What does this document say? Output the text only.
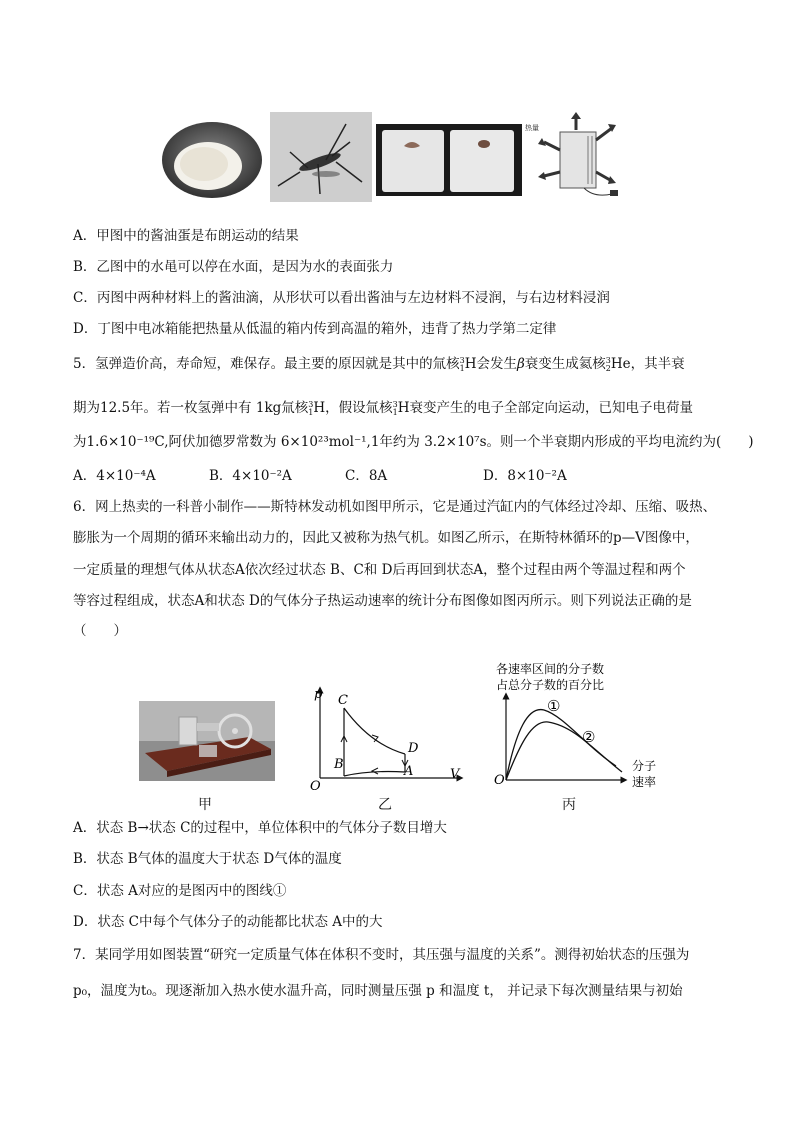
热量
A．甲图中的酱油蛋是布朗运动的结果
B．乙图中的水黾可以停在水面，是因为水的表面张力
C．丙图中两种材料上的酱油滴，从形状可以看出酱油与左边材料不浸润，与右边材料浸润
D．丁图中电冰箱能把热量从低温的箱内传到高温的箱外，违背了热力学第二定律
5．氢弹造价高，寿命短，难保存。最主要的原因就是其中的氚核3
1H会发生β衰变生成氦核3
2He，其半衰
期为12.5年。若一枚氢弹中有 1kg氚核3
1H，假设氚核3
1H衰变产生的电子全部定向运动，已知电子电荷量
为1.6×10⁻¹⁹C,阿伏加德罗常数为 6×10²³mol⁻¹,1年约为 3.2×10⁷s。则一个半衰期内形成的平均电流约为(　　)
A．4×10⁻⁴A	B．4×10⁻²A	C．8A	D．8×10⁻²A
6．网上热卖的一科普小制作——斯特林发动机如图甲所示，它是通过汽缸内的气体经过冷却、压缩、吸热、
膨胀为一个周期的循环来输出动力的，因此又被称为热气机。如图乙所示，在斯特林循环的p—V图像中，
一定质量的理想气体从状态A依次经过状态 B、C和 D后再回到状态A，整个过程由两个等温过程和两个
等容过程组成，状态A和状态 D的气体分子热运动速率的统计分布图像如图丙所示。则下列说法正确的是
（　　）
甲
p
V
O
C
B
D
A
乙
各速率区间的分子数
占总分子数的百分比
O
分子
速率
①
②
丙
A．状态 B→状态 C的过程中，单位体积中的气体分子数目增大
B．状态 B气体的温度大于状态 D气体的温度
C．状态 A对应的是图丙中的图线①
D．状态 C中每个气体分子的动能都比状态 A中的大
7．某同学用如图装置“研究一定质量气体在体积不变时，其压强与温度的关系”。测得初始状态的压强为
p₀，温度为t₀。现逐渐加入热水使水温升高，同时测量压强 p 和温度 t， 并记录下每次测量结果与初始
